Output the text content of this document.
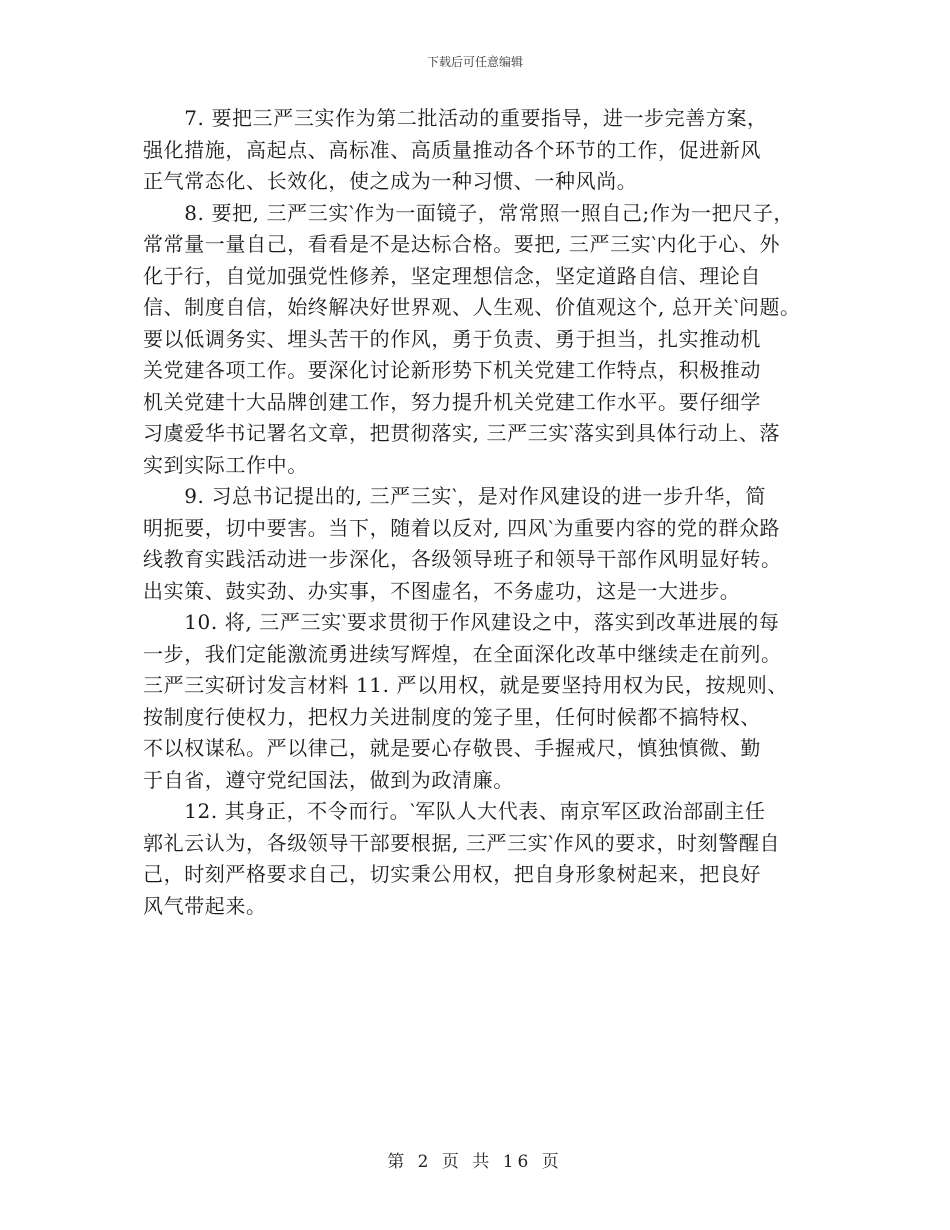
下载后可任意编辑
　　7. 要把三严三实作为第二批活动的重要指导，进一步完善方案，
强化措施，高起点、高标准、高质量推动各个环节的工作，促进新风
正气常态化、长效化，使之成为一种习惯、一种风尚。
　　8. 要把, 三严三实‵作为一面镜子，常常照一照自己;作为一把尺子，
常常量一量自己，看看是不是达标合格。要把, 三严三实‵内化于心、外
化于行，自觉加强党性修养，坚定理想信念，坚定道路自信、理论自
信、制度自信，始终解决好世界观、人生观、价值观这个, 总开关‵问题。
要以低调务实、埋头苦干的作风，勇于负责、勇于担当，扎实推动机
关党建各项工作。要深化讨论新形势下机关党建工作特点，积极推动
机关党建十大品牌创建工作，努力提升机关党建工作水平。要仔细学
习虞爱华书记署名文章，把贯彻落实, 三严三实‵落实到具体行动上、落
实到实际工作中。
　　9. 习总书记提出的, 三严三实‵，是对作风建设的进一步升华，简
明扼要，切中要害。当下，随着以反对, 四风‵为重要内容的党的群众路
线教育实践活动进一步深化，各级领导班子和领导干部作风明显好转。
出实策、鼓实劲、办实事，不图虚名，不务虚功，这是一大进步。
　　10. 将, 三严三实‵要求贯彻于作风建设之中，落实到改革进展的每
一步，我们定能激流勇进续写辉煌，在全面深化改革中继续走在前列。
三严三实研讨发言材料 11. 严以用权，就是要坚持用权为民，按规则、
按制度行使权力，把权力关进制度的笼子里，任何时候都不搞特权、
不以权谋私。严以律己，就是要心存敬畏、手握戒尺，慎独慎微、勤
于自省，遵守党纪国法，做到为政清廉。
　　12. 其身正，不令而行。‵军队人大代表、南京军区政治部副主任
郭礼云认为，各级领导干部要根据, 三严三实‵作风的要求，时刻警醒自
己，时刻严格要求自己，切实秉公用权，把自身形象树起来，把良好
风气带起来。
第 2 页 共 16 页
